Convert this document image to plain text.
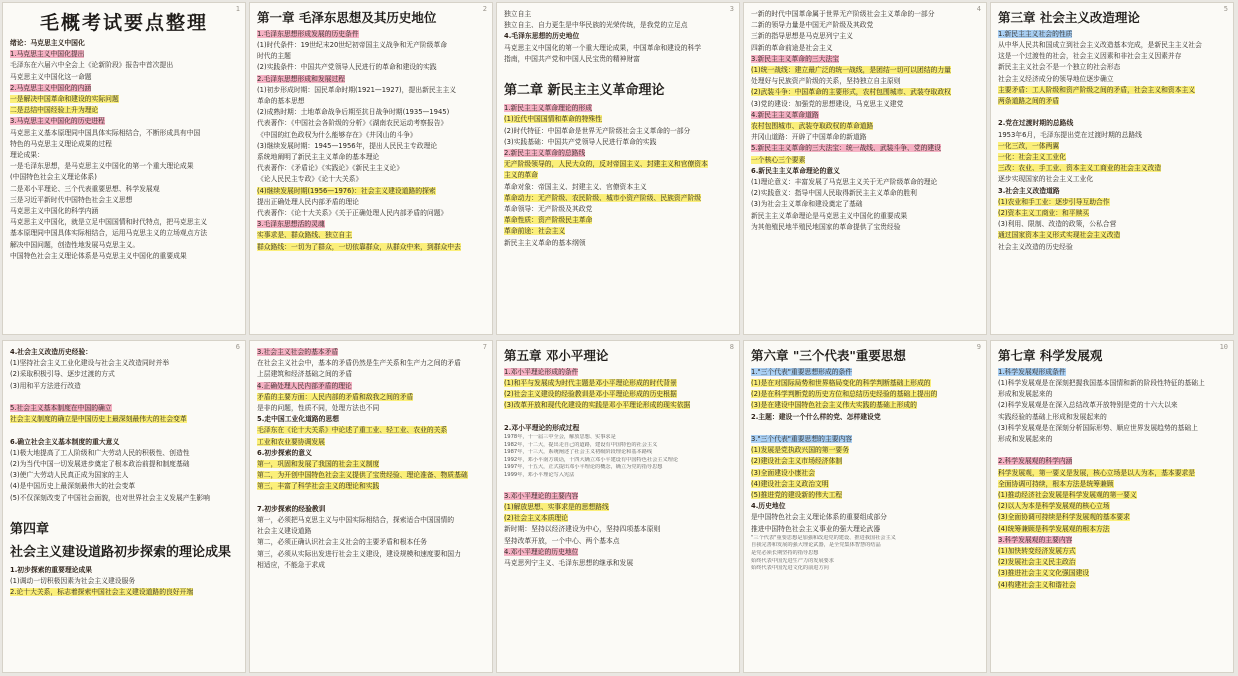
1
毛概考试要点整理
绪论：马克思主义中国化
1.马克思主义中国化提出
毛泽东在六届六中全会上《论新阶段》报告中首次提出
马克思主义中国化这一命题
2.马克思主义中国化的内涵
一是解决中国革命和建设的实际问题
二是总结中国经验上升为理论
3.马克思主义中国化的历史进程
马克思主义基本原理同中国具体实际相结合，不断形成具有中国
特色的马克思主义理论成果的过程
理论成果：
一是毛泽东思想，是马克思主义中国化的第一个重大理论成果
(中国特色社会主义理论体系)
二是邓小平理论、三个代表重要思想、科学发展观
三是习近平新时代中国特色社会主义思想
马克思主义中国化的科学内涵
马克思主义中国化，就是立足中国国情和时代特点，把马克思主义
基本原理同中国具体实际相结合，运用马克思主义的立场观点方法
解决中国问题，创造性地发展马克思主义。
中国特色社会主义理论体系是马克思主义中国化的重要成果
2
第一章 毛泽东思想及其历史地位
1.毛泽东思想形成发展的历史条件
(1)时代条件：19世纪末20世纪初帝国主义战争和无产阶级革命
时代的主题
(2)实践条件：中国共产党领导人民进行的革命和建设的实践
2.毛泽东思想形成和发展过程
(1)初步形成时期：国民革命时期(1921—1927)，提出新民主主义
革命的基本思想
(2)成熟时期：土地革命战争后期至抗日战争时期(1935—1945)
代表著作：《中国社会各阶级的分析》《湖南农民运动考察报告》
《中国的红色政权为什么能够存在》《井冈山的斗争》
(3)继续发展时期：1945—1956年，提出人民民主专政理论
系统地阐明了新民主主义革命的基本理论
代表著作：《矛盾论》《实践论》《新民主主义论》
《论人民民主专政》《论十大关系》
(4)继续发展时期(1956—1976)：社会主义建设道路的探索
提出正确处理人民内部矛盾的理论
代表著作：《论十大关系》《关于正确处理人民内部矛盾的问题》
3.毛泽东思想活的灵魂
实事求是、群众路线、独立自主
群众路线：一切为了群众，一切依靠群众，从群众中来，到群众中去
3
独立自主
独立自主、自力更生是中华民族的光荣传统，是我党的立足点
4.毛泽东思想的历史地位
马克思主义中国化的第一个重大理论成果，中国革命和建设的科学
指南，中国共产党和中国人民宝贵的精神财富

第二章 新民主主义革命理论
1.新民主主义革命理论的形成
(1)近代中国国情和革命的特殊性
(2)时代特征：中国革命是世界无产阶级社会主义革命的一部分
(3)实践基础：中国共产党领导人民进行革命的实践
2.新民主主义革命的总路线
无产阶级领导的，人民大众的，反对帝国主义、封建主义和官僚资本
主义的革命
革命对象：帝国主义、封建主义、官僚资本主义
革命动力：无产阶级、农民阶级、城市小资产阶级、民族资产阶级
革命领导：无产阶级及其政党
革命性质：资产阶级民主革命
革命前途：社会主义
新民主主义革命的基本纲领
4
一新的时代中国革命属于世界无产阶级社会主义革命的一部分
二新的领导力量是中国无产阶级及其政党
三新的指导思想是马克思列宁主义
四新的革命前途是社会主义
3.新民主主义革命的三大法宝
(1)统一战线：建立最广泛的统一战线，是团结一切可以团结的力量
处理好与民族资产阶级的关系，坚持独立自主原则
(2)武装斗争：中国革命的主要形式，农村包围城市、武装夺取政权
(3)党的建设：加强党的思想建设，马克思主义建党
4.新民主主义革命道路
农村包围城市、武装夺取政权的革命道路
井冈山道路：开辟了中国革命的新道路
5.新民主主义革命的三大法宝：统一战线、武装斗争、党的建设
一个核心三个要素
6.新民主主义革命理论的意义
(1)理论意义：丰富发展了马克思主义关于无产阶级革命的理论
(2)实践意义：指导中国人民取得新民主主义革命的胜利
(3)为社会主义革命和建设奠定了基础
新民主主义革命理论是马克思主义中国化的重要成果
为其他殖民地半殖民地国家的革命提供了宝贵经验
5
第三章 社会主义改造理论
1.新民主主义社会的性质
从中华人民共和国成立到社会主义改造基本完成，是新民主主义社会
这是一个过渡性的社会，社会主义因素和非社会主义因素并存
新民主主义社会不是一个独立的社会形态
社会主义经济成分的领导地位逐步确立
主要矛盾：工人阶级和资产阶级之间的矛盾，社会主义和资本主义
两条道路之间的矛盾

2.党在过渡时期的总路线
1953年6月，毛泽东提出党在过渡时期的总路线
一化三改，一体两翼
一化：社会主义工业化
三改：农业、手工业、资本主义工商业的社会主义改造
逐步实现国家的社会主义工业化
3.社会主义改造道路
(1)农业和手工业：逐步引导互助合作
(2)资本主义工商业：和平赎买
(3)利用、限制、改造的政策，公私合营
通过国家资本主义形式实现社会主义改造
社会主义改造的历史经验
6
4.社会主义改造历史经验：
(1)坚持社会主义工业化建设与社会主义改造同时并举
(2)采取积极引导、逐步过渡的方式
(3)用和平方法进行改造

5.社会主义基本制度在中国的确立
社会主义制度的确立是中国历史上最深刻最伟大的社会变革

6.确立社会主义基本制度的重大意义
(1)极大地提高了工人阶级和广大劳动人民的积极性、创造性
(2)为当代中国一切发展进步奠定了根本政治前提和制度基础
(3)使广大劳动人民真正成为国家的主人
(4)是中国历史上最深刻最伟大的社会变革
(5)不仅深刻改变了中国社会面貌，也对世界社会主义发展产生影响

第四章
社会主义建设道路初步探索的理论成果
1.初步探索的重要理论成果
(1)调动一切积极因素为社会主义建设服务
2.论十大关系，标志着探索中国社会主义建设道路的良好开端
7
3.社会主义社会的基本矛盾
在社会主义社会中，基本的矛盾仍然是生产关系和生产力之间的矛盾
上层建筑和经济基础之间的矛盾
4.正确处理人民内部矛盾的理论
矛盾的主要方面：人民内部的矛盾和敌我之间的矛盾
是非的问题，性质不同，处理方法也不同
5.走中国工业化道路的思想
毛泽东在《论十大关系》中论述了重工业、轻工业、农业的关系
工业和农业要协调发展
6.初步探索的意义
第一，巩固和发展了我国的社会主义制度
第二，为开创中国特色社会主义提供了宝贵经验、理论准备、物质基础
第三，丰富了科学社会主义的理论和实践

7.初步探索的经验教训
第一，必须把马克思主义与中国实际相结合，探索适合中国国情的
社会主义建设道路
第二，必须正确认识社会主义社会的主要矛盾和根本任务
第三，必须从实际出发进行社会主义建设，建设规模和速度要和国力
相适应，不能急于求成
8
第五章 邓小平理论
1.邓小平理论形成的条件
(1)和平与发展成为时代主题是邓小平理论形成的时代背景
(2)社会主义建设的经验教训是邓小平理论形成的历史根据
(3)改革开放和现代化建设的实践是邓小平理论形成的现实依据

2.邓小平理论的形成过程
1978年，十一届三中全会，解放思想、实事求是
1982年，十二大，提出走自己的道路，建设有中国特色的社会主义
1987年，十三大，系统阐述了社会主义初级阶段理论和基本路线
1992年，邓小平南方谈话，十四大确立邓小平建设有中国特色社会主义理论
1997年，十五大，正式提出邓小平理论的概念，确立为党的指导思想
1999年，邓小平理论写入宪法

3.邓小平理论的主要内容
(1)解放思想、实事求是的思想路线
(2)社会主义本质理论
新时期：坚持以经济建设为中心，坚持四项基本原则
坚持改革开放，一个中心、两个基本点
4.邓小平理论的历史地位
马克思列宁主义、毛泽东思想的继承和发展
9
第六章 "三个代表"重要思想
1."三个代表"重要思想形成的条件
(1)是在对国际局势和世界格局变化的科学判断基础上形成的
(2)是在科学判断党的历史方位和总结历史经验的基础上提出的
(3)是在建设中国特色社会主义伟大实践的基础上形成的
2.主题：建设一个什么样的党、怎样建设党

3."三个代表"重要思想的主要内容
(1)发展是党执政兴国的第一要务
(2)建设社会主义市场经济体制
(3)全面建设小康社会
(4)建设社会主义政治文明
(5)推进党的建设新的伟大工程
4.历史地位
是中国特色社会主义理论体系的重要组成部分
推进中国特色社会主义事业的强大理论武器
"三个代表"重要思想是加强和改进党的建设、推进我国社会主义
自我完善和发展的强大理论武器，是全党集体智慧的结晶
是党必须长期坚持的指导思想
始终代表中国先进生产力的发展要求
始终代表中国先进文化的前进方向
10
第七章 科学发展观
1.科学发展观形成条件
(1)科学发展观是在深刻把握我国基本国情和新的阶段性特征的基础上
形成和发展起来的
(2)科学发展观是在深入总结改革开放特别是党的十六大以来
实践经验的基础上形成和发展起来的
(3)科学发展观是在深刻分析国际形势、顺应世界发展趋势的基础上
形成和发展起来的

2.科学发展观的科学内涵
科学发展观，第一要义是发展，核心立场是以人为本，基本要求是
全面协调可持续，根本方法是统筹兼顾
(1)推动经济社会发展是科学发展观的第一要义
(2)以人为本是科学发展观的核心立场
(3)全面协调可持续是科学发展观的基本要求
(4)统筹兼顾是科学发展观的根本方法
3.科学发展观的主要内容
(1)加快转变经济发展方式
(2)发展社会主义民主政治
(3)推进社会主义文化强国建设
(4)构建社会主义和谐社会
